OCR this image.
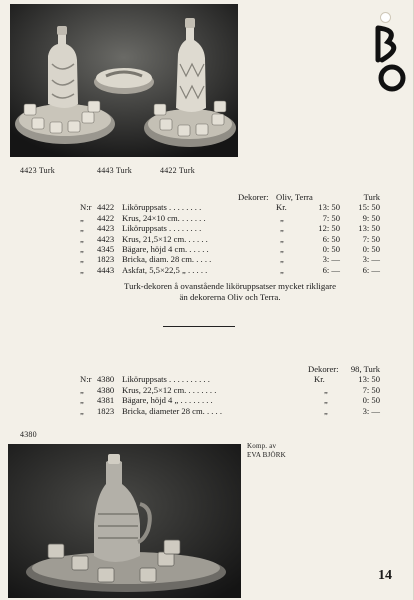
4423 Turk	4443 Turk	4422 Turk
Dekorer: Oliv, Terra	Turk
N:r 4422 Liköruppsats . . . . . . . .	Kr.	13: 50 15: 50
„ 4422 Krus, 24×10 cm. . . . . . .	„	7: 50	9: 50
„ 4423 Liköruppsats . . . . . . . .	„	12: 50 13: 50
„ 4423 Krus, 21,5×12 cm. . . . . .	„	6: 50	7: 50
„ 4345 Bägare, höjd 4 cm. . . . . .	„	0: 50	0: 50
„ 1823 Bricka, diam. 28 cm. . . . .	„	3: —	3: —
„ 4443 Askfat, 5,5×22,5 „ . . . . .	„	6: —	6: —
Turk-dekoren å ovanstående liköruppsatser mycket rikligare
än dekorerna Oliv och Terra.
Dekorer: 98, Turk
N:r 4380 Liköruppsats . . . . . . . . . .	Kr.	13: 50
„ 4380 Krus, 22,5×12 cm. . . . . . . .	„	7: 50
„ 4381 Bägare, höjd 4 „ . . . . . . . .	„	0: 50
„ 1823 Bricka, diameter 28 cm. . . . .	„	3: —
4380
Komp. av
EVA BJÖRK
14
